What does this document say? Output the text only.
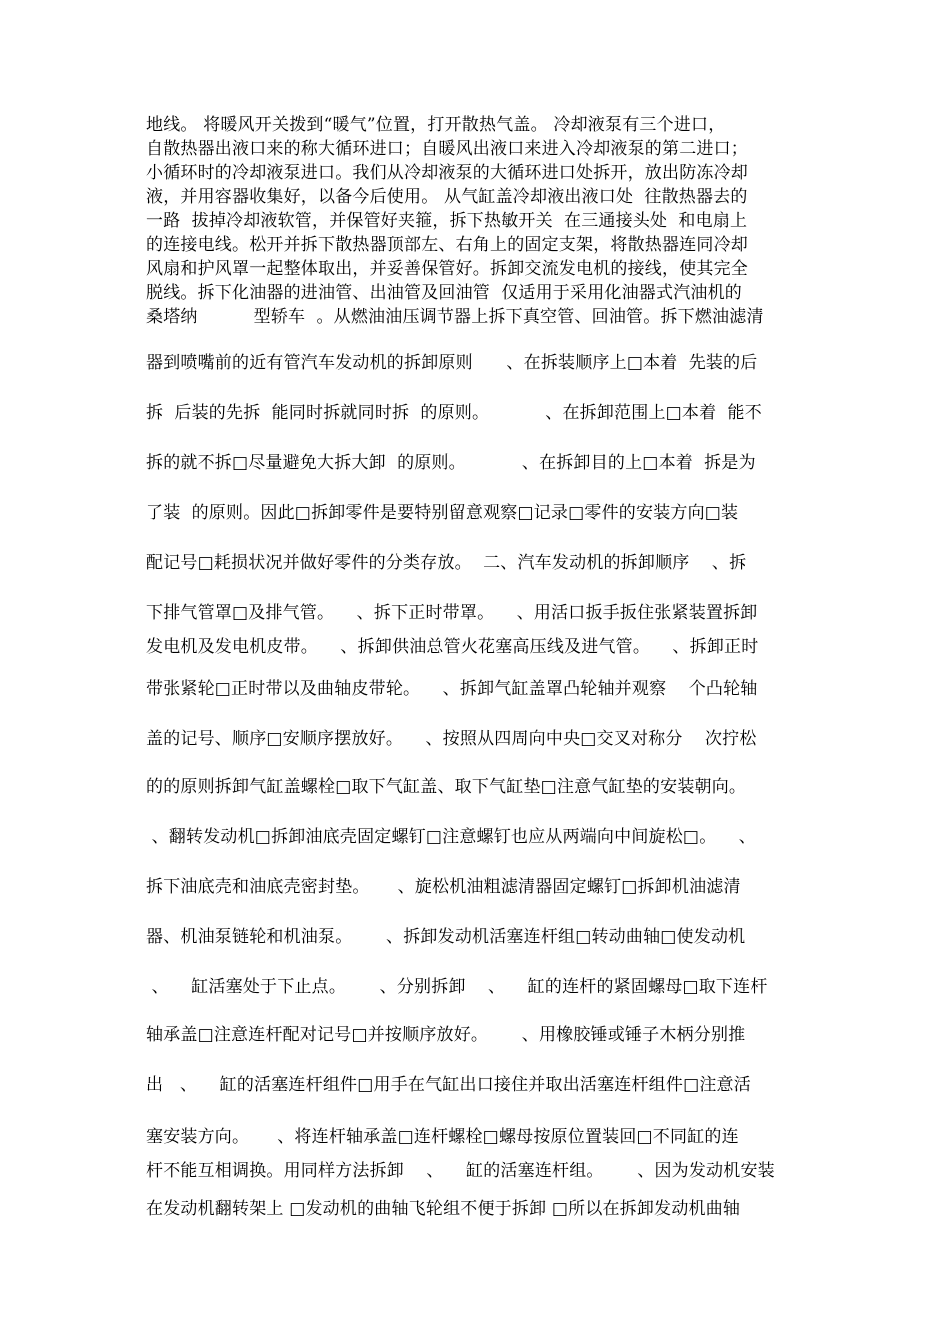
地线。 将暖风开关拨到“暖气”位置，打开散热气盖。 冷却液泵有三个进口，
自散热器出液口来的称大循环进口；自暖风出液口来进入冷却液泵的第二进口；
小循环时的冷却液泵进口。我们从冷却液泵的大循环进口处拆开，放出防冻冷却
液，并用容器收集好，以备今后使用。 从气缸盖冷却液出液口处  往散热器去的
一路  拔掉冷却液软管，并保管好夹箍，拆下热敏开关  在三通接头处  和电扇上
的连接电线。松开并拆下散热器顶部左、右角上的固定支架，将散热器连同冷却
风扇和护风罩一起整体取出，并妥善保管好。拆卸交流发电机的接线，使其完全
脱线。拆下化油器的进油管、出油管及回油管  仅适用于采用化油器式汽油机的
桑塔纳          型轿车  。从燃油油压调节器上拆下真空管、回油管。拆下燃油滤清
器到喷嘴前的近有管汽车发动机的拆卸原则      、在拆装顺序上□本着  先装的后
拆  后装的先拆  能同时拆就同时拆  的原则。          、在拆卸范围上□本着  能不
拆的就不拆□尽量避免大拆大卸  的原则。          、在拆卸目的上□本着  拆是为
了装  的原则。因此□拆卸零件是要特别留意观察□记录□零件的安装方向□装
配记号□耗损状况并做好零件的分类存放。  二、汽车发动机的拆卸顺序    、拆
下排气管罩□及排气管。    、拆下正时带罩。    、用活口扳手扳住张紧装置拆卸
发电机及发电机皮带。    、拆卸供油总管火花塞高压线及进气管。    、拆卸正时
带张紧轮□正时带以及曲轴皮带轮。    、拆卸气缸盖罩凸轮轴并观察    个凸轮轴
盖的记号、顺序□安顺序摆放好。    、按照从四周向中央□交叉对称分    次拧松
的的原则拆卸气缸盖螺栓□取下气缸盖、取下气缸垫□注意气缸垫的安装朝向。
、翻转发动机□拆卸油底壳固定螺钉□注意螺钉也应从两端向中间旋松□。    、
拆下油底壳和油底壳密封垫。     、旋松机油粗滤清器固定螺钉□拆卸机油滤清
器、机油泵链轮和机油泵。      、拆卸发动机活塞连杆组□转动曲轴□使发动机
、    缸活塞处于下止点。      、分别拆卸    、    缸的连杆的紧固螺母□取下连杆
轴承盖□注意连杆配对记号□并按顺序放好。      、用橡胶锤或锤子木柄分别推
出   、    缸的活塞连杆组件□用手在气缸出口接住并取出活塞连杆组件□注意活
塞安装方向。     、将连杆轴承盖□连杆螺栓□螺母按原位置装回□不同缸的连
杆不能互相调换。用同样方法拆卸    、    缸的活塞连杆组。      、因为发动机安装
在发动机翻转架上 □发动机的曲轴飞轮组不便于拆卸 □所以在拆卸发动机曲轴
